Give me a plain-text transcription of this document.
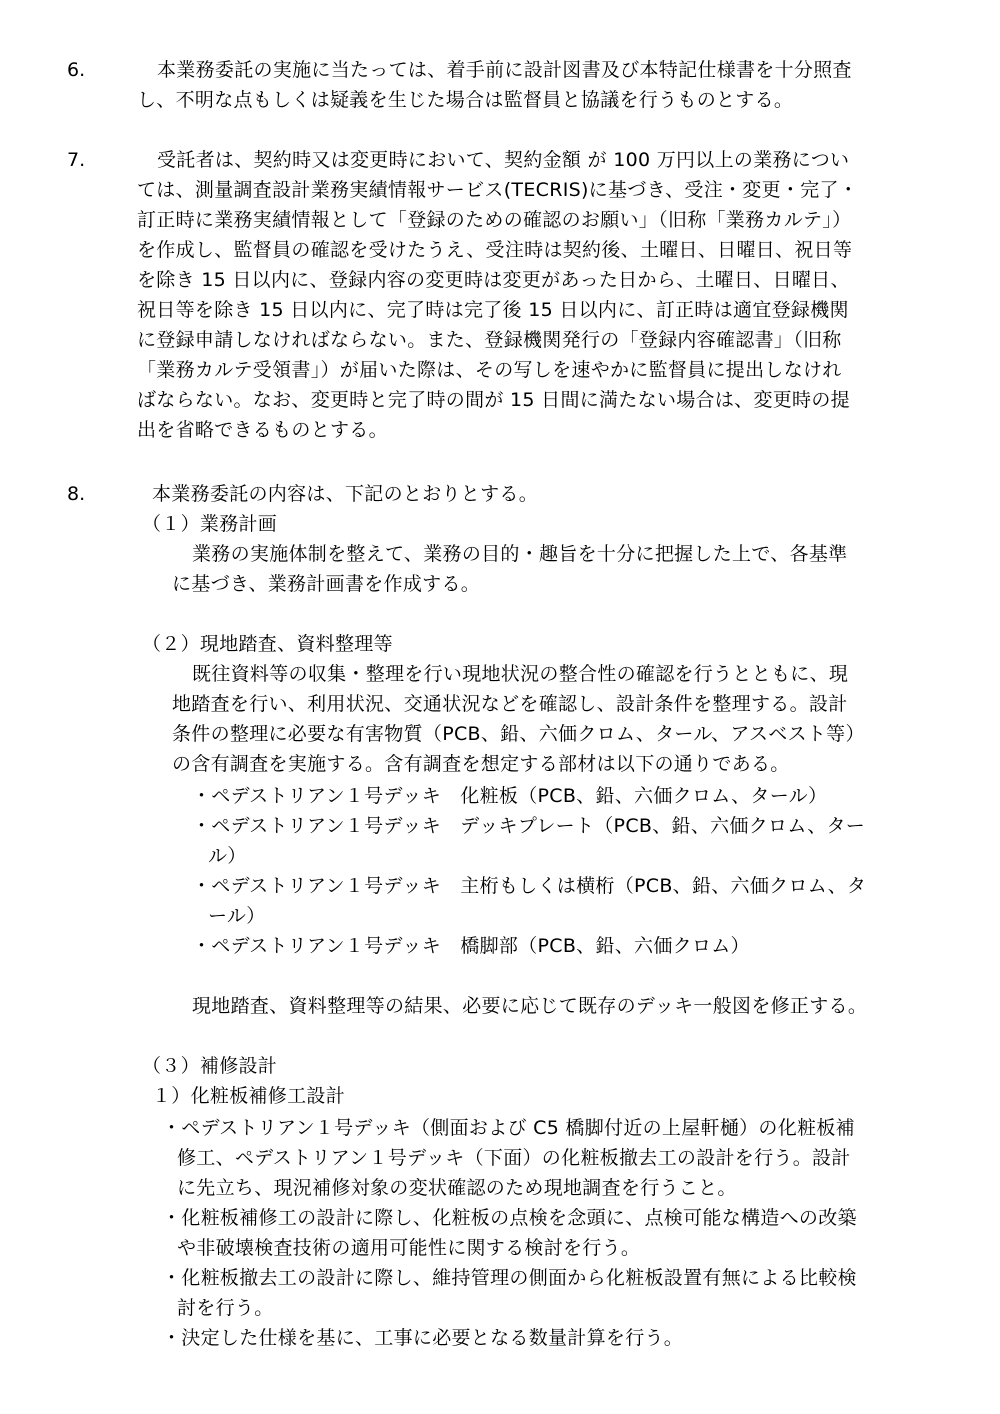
6.	本業務委託の実施に当たっては、着手前に設計図書及び本特記仕様書を十分照査
し、不明な点もしくは疑義を生じた場合は監督員と協議を行うものとする。
7.	受託者は、契約時又は変更時において、契約金額 が 100 万円以上の業務につい
ては、測量調査設計業務実績情報サービス(TECRIS)に基づき、受注・変更・完了・
訂正時に業務実績情報として「登録のための確認のお願い」（旧称「業務カルテ」）
を作成し、監督員の確認を受けたうえ、受注時は契約後、土曜日、日曜日、祝日等
を除き 15 日以内に、登録内容の変更時は変更があった日から、土曜日、日曜日、
祝日等を除き 15 日以内に、完了時は完了後 15 日以内に、訂正時は適宜登録機関
に登録申請しなければならない。また、登録機関発行の「登録内容確認書」（旧称
「業務カルテ受領書」）が届いた際は、その写しを速やかに監督員に提出しなけれ
ばならない。なお、変更時と完了時の間が 15 日間に満たない場合は、変更時の提
出を省略できるものとする。
8.	本業務委託の内容は、下記のとおりとする。
（１）業務計画
業務の実施体制を整えて、業務の目的・趣旨を十分に把握した上で、各基準
に基づき、業務計画書を作成する。
（２）現地踏査、資料整理等
既往資料等の収集・整理を行い現地状況の整合性の確認を行うとともに、現
地踏査を行い、利用状況、交通状況などを確認し、設計条件を整理する。設計
条件の整理に必要な有害物質（PCB、鉛、六価クロム、タール、アスベスト等）
の含有調査を実施する。含有調査を想定する部材は以下の通りである。
・ペデストリアン１号デッキ　化粧板（PCB、鉛、六価クロム、タール）
・ペデストリアン１号デッキ　デッキプレート（PCB、鉛、六価クロム、ター
ル）
・ペデストリアン１号デッキ　主桁もしくは横桁（PCB、鉛、六価クロム、タ
ール）
・ペデストリアン１号デッキ　橋脚部（PCB、鉛、六価クロム）
現地踏査、資料整理等の結果、必要に応じて既存のデッキ一般図を修正する。
（３）補修設計
１）化粧板補修工設計
・ペデストリアン１号デッキ（側面および C5 橋脚付近の上屋軒樋）の化粧板補
修工、ペデストリアン１号デッキ（下面）の化粧板撤去工の設計を行う。設計
に先立ち、現況補修対象の変状確認のため現地調査を行うこと。
・化粧板補修工の設計に際し、化粧板の点検を念頭に、点検可能な構造への改築
や非破壊検査技術の適用可能性に関する検討を行う。
・化粧板撤去工の設計に際し、維持管理の側面から化粧板設置有無による比較検
討を行う。
・決定した仕様を基に、工事に必要となる数量計算を行う。
